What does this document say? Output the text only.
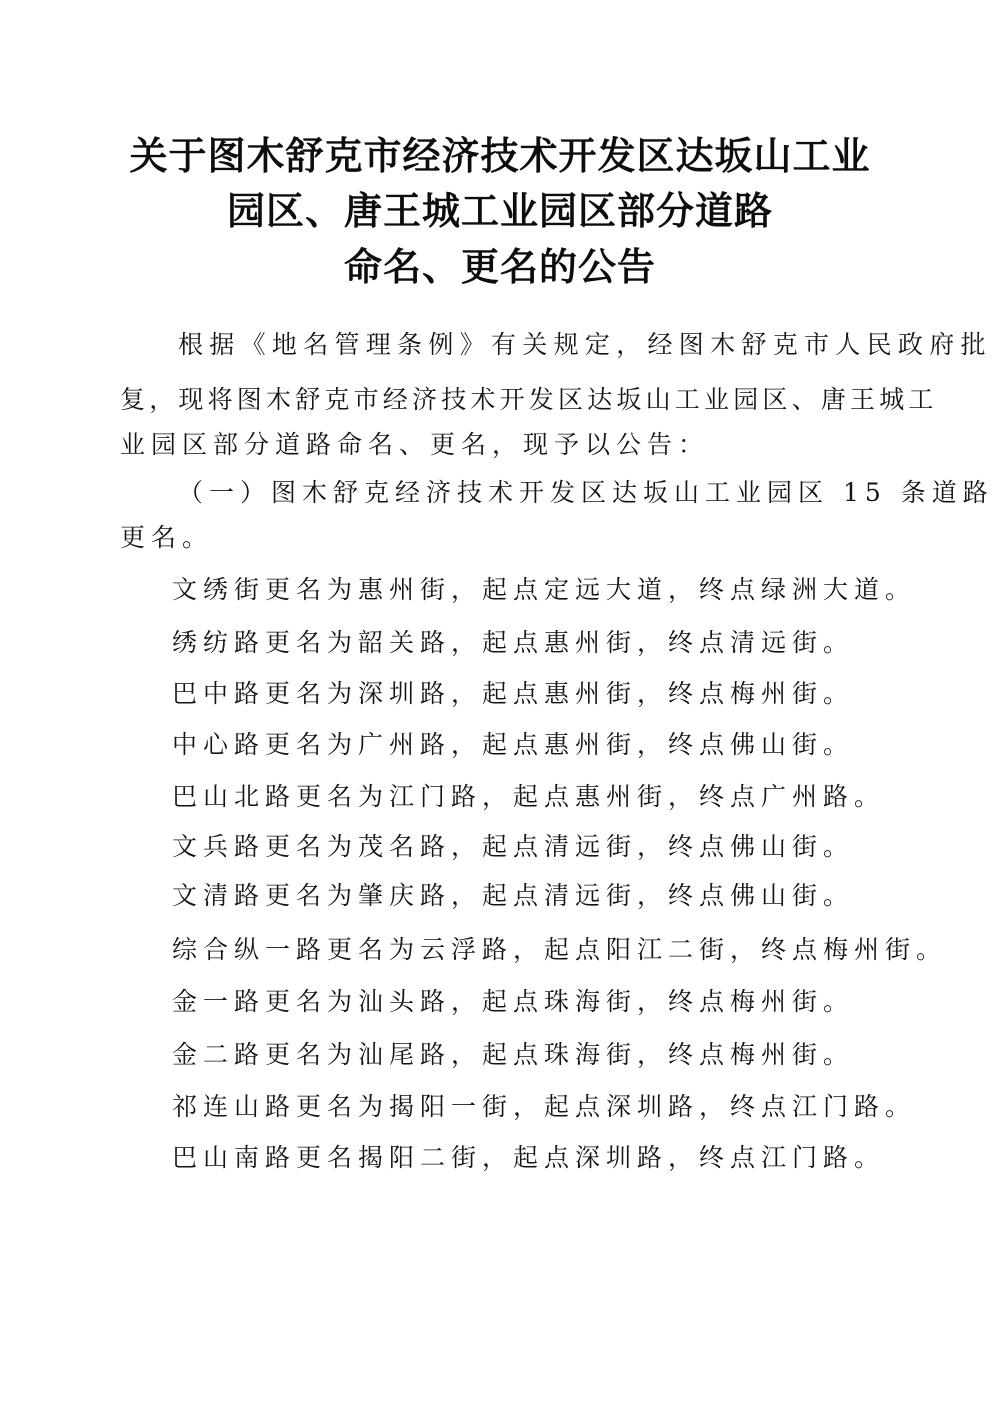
关于图木舒克市经济技术开发区达坂山工业
园区、唐王城工业园区部分道路
命名、更名的公告
根据《地名管理条例》有关规定，经图木舒克市人民政府批
复，现将图木舒克市经济技术开发区达坂山工业园区、唐王城工
业园区部分道路命名、更名，现予以公告：
（一）图木舒克经济技术开发区达坂山工业园区 15 条道路
更名。
文绣街更名为惠州街，起点定远大道，终点绿洲大道。
绣纺路更名为韶关路，起点惠州街，终点清远街。
巴中路更名为深圳路，起点惠州街，终点梅州街。
中心路更名为广州路，起点惠州街，终点佛山街。
巴山北路更名为江门路，起点惠州街，终点广州路。
文兵路更名为茂名路，起点清远街，终点佛山街。
文清路更名为肇庆路，起点清远街，终点佛山街。
综合纵一路更名为云浮路，起点阳江二街，终点梅州街。
金一路更名为汕头路，起点珠海街，终点梅州街。
金二路更名为汕尾路，起点珠海街，终点梅州街。
祁连山路更名为揭阳一街，起点深圳路，终点江门路。
巴山南路更名揭阳二街，起点深圳路，终点江门路。
